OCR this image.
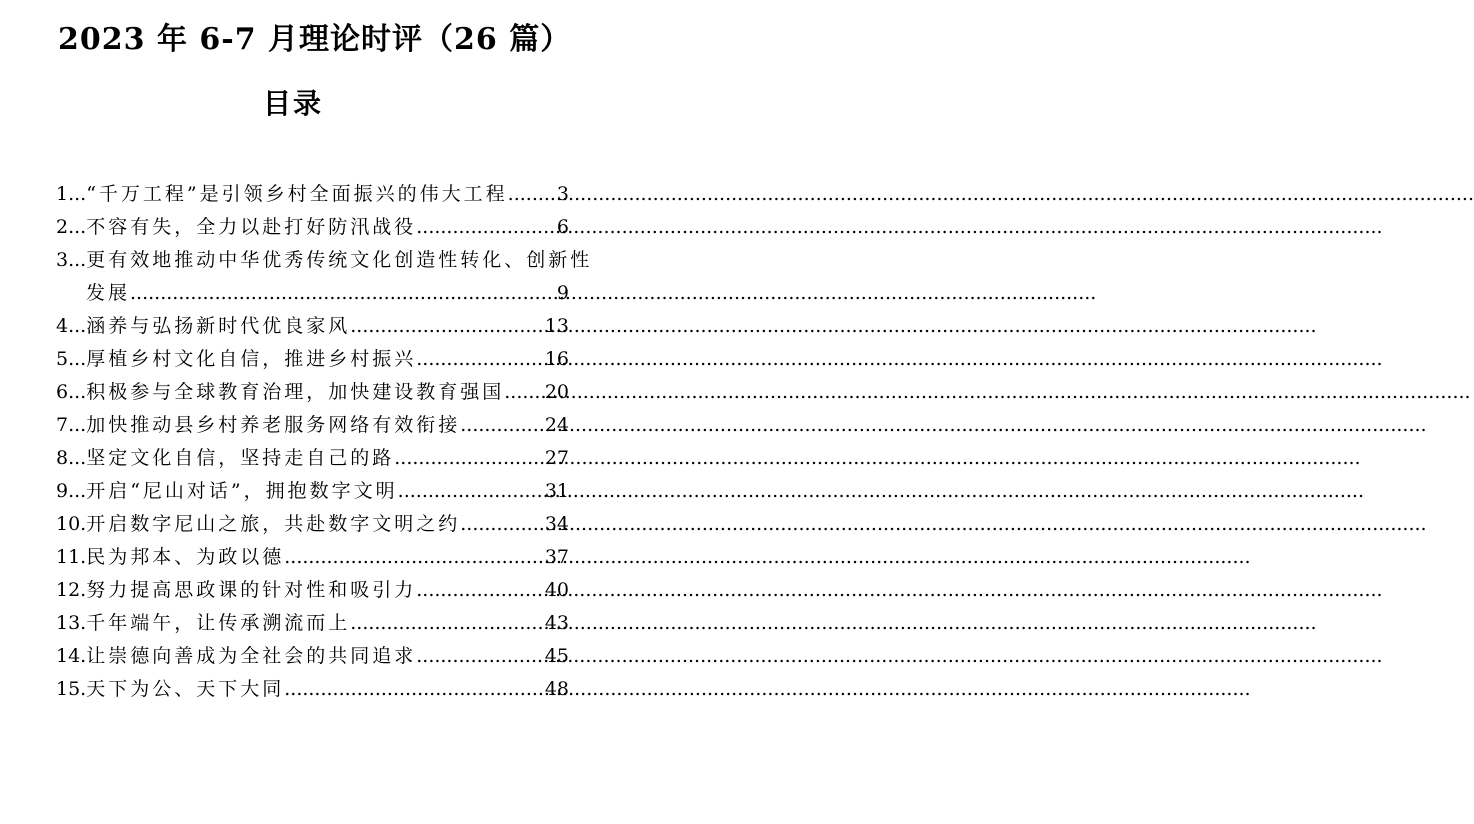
2023 年 6-7 月理论时评（26 篇）
目录
1... “千万工程”是引领乡村全面振兴的伟大工程 .....	3
2... 不容有失，全力以赴打好防汛战役 .....	6
3... 更有效地推动中华优秀传统文化创造性转化、创新性
发展 .....	9
4... 涵养与弘扬新时代优良家风 .....	13
5... 厚植乡村文化自信，推进乡村振兴 .....	16
6... 积极参与全球教育治理，加快建设教育强国 ..... 20
7... 加快推动县乡村养老服务网络有效衔接 .....	24
8... 坚定文化自信，坚持走自己的路 .....	27
9... 开启“尼山对话”，拥抱数字文明 .....	31
10. 开启数字尼山之旅，共赴数字文明之约 .....	34
11. 民为邦本、为政以德 .....	37
12. 努力提高思政课的针对性和吸引力 .....	40
13. 千年端午，让传承溯流而上 .....	43
14. 让崇德向善成为全社会的共同追求 .....	45
15. 天下为公、天下大同 .....	48
